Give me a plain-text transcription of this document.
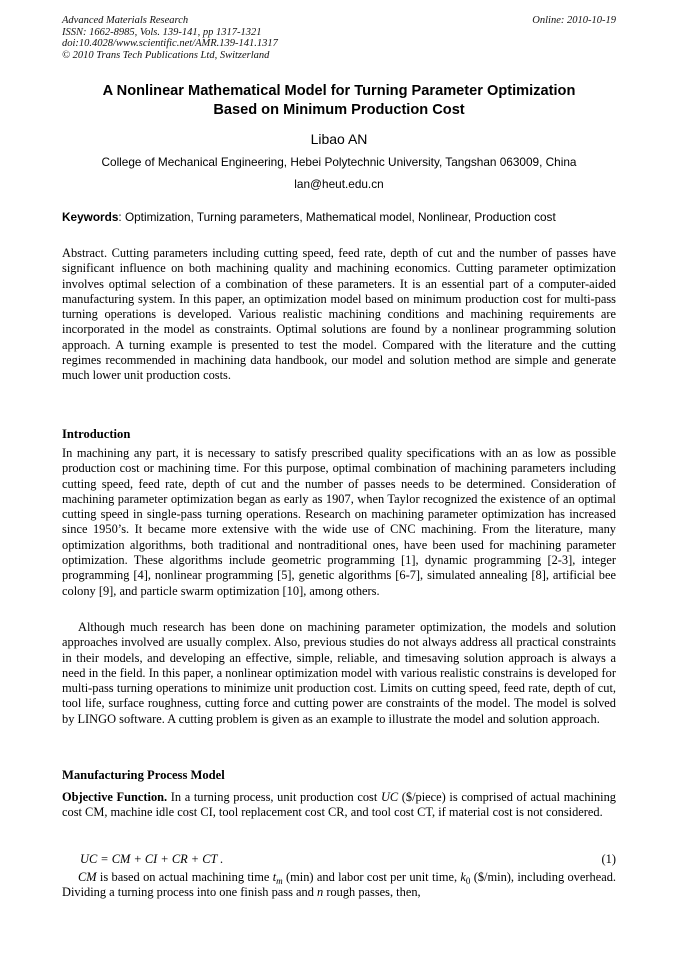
Advanced Materials Research
ISSN: 1662-8985, Vols. 139-141, pp 1317-1321
doi:10.4028/www.scientific.net/AMR.139-141.1317
© 2010 Trans Tech Publications Ltd, Switzerland
Online: 2010-10-19
A Nonlinear Mathematical Model for Turning Parameter Optimization
Based on Minimum Production Cost
Libao AN
College of Mechanical Engineering, Hebei Polytechnic University, Tangshan 063009, China
lan@heut.edu.cn
Keywords: Optimization, Turning parameters, Mathematical model, Nonlinear, Production cost
Abstract. Cutting parameters including cutting speed, feed rate, depth of cut and the number of passes have significant influence on both machining quality and machining economics. Cutting parameter optimization involves optimal selection of a combination of these parameters. It is an essential part of a computer-aided manufacturing system. In this paper, an optimization model based on minimum production cost for multi-pass turning operations is developed. Various realistic machining conditions and machining requirements are incorporated in the model as constraints. Optimal solutions are found by a nonlinear programming solution approach. A turning example is presented to test the model. Compared with the literature and the cutting regimes recommended in machining data handbook, our model and solution method are simple and generate much lower unit production costs.
Introduction
In machining any part, it is necessary to satisfy prescribed quality specifications with an as low as possible production cost or machining time. For this purpose, optimal combination of machining parameters including cutting speed, feed rate, depth of cut and the number of passes needs to be determined. Consideration of machining parameter optimization began as early as 1907, when Taylor recognized the existence of an optimal cutting speed in single-pass turning operations. Research on machining parameter optimization has increased since 1950’s. It became more extensive with the wide use of CNC machining. From the literature, many optimization algorithms, both traditional and nontraditional ones, have been used for machining parameter optimization. These algorithms include geometric programming [1], dynamic programming [2-3], integer programming [4], nonlinear programming [5], genetic algorithms [6-7], simulated annealing [8], artificial bee colony [9], and particle swarm optimization [10], among others.
Although much research has been done on machining parameter optimization, the models and solution approaches involved are usually complex. Also, previous studies do not always address all practical constraints in their models, and developing an effective, simple, reliable, and timesaving solution approach is always a need in the field. In this paper, a nonlinear optimization model with various realistic constrains is developed for multi-pass turning operations to minimize unit production cost. Limits on cutting speed, feed rate, depth of cut, tool life, surface roughness, cutting force and cutting power are constraints of the model. The model is solved by LINGO software. A cutting problem is given as an example to illustrate the model and solution approach.
Manufacturing Process Model
Objective Function. In a turning process, unit production cost UC ($/piece) is comprised of actual machining cost CM, machine idle cost CI, tool replacement cost CR, and tool cost CT, if material cost is not considered.
UC = CM + CI + CR + CT .	(1)
CM is based on actual machining time $t_m$ (min) and labor cost per unit time, $k_0$ ($/min), including overhead. Dividing a turning process into one finish pass and n rough passes, then,
